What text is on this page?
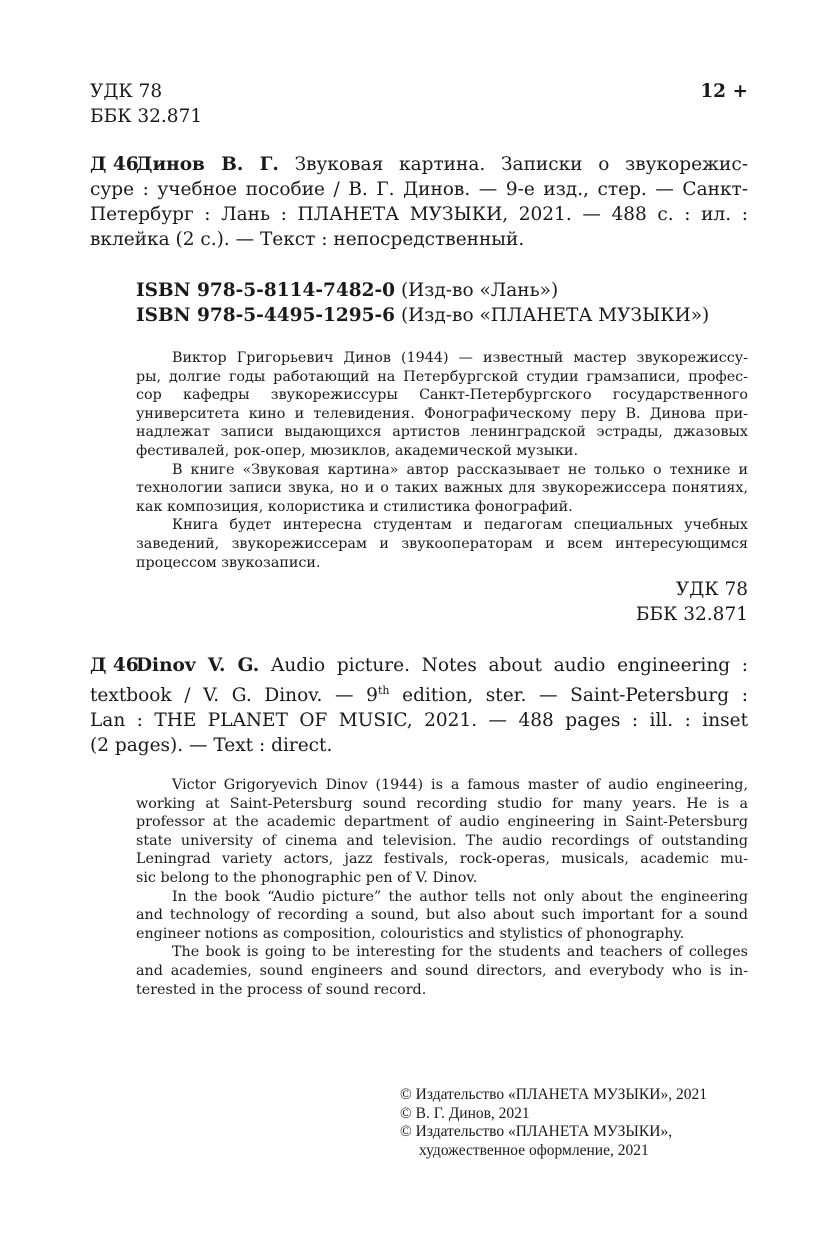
УДК 78
ББК 32.871
12 +
Д 46
Динов В. Г. Звуковая картина. Записки о звукорежис-
суре : учебное пособие / В. Г. Динов. — 9-е изд., стер. — Санкт-
Петербург : Лань : ПЛАНЕТА МУЗЫКИ, 2021. — 488 с. : ил. :
вклейка (2 с.). — Текст : непосредственный.
ISBN 978-5-8114-7482-0 (Изд-во «Лань»)
ISBN 978-5-4495-1295-6 (Изд-во «ПЛАНЕТА МУЗЫКИ»)
Виктор Григорьевич Динов (1944) — известный мастер звукорежиссу-
ры, долгие годы работающий на Петербургской студии грамзаписи, профес-
сор кафедры звукорежиссуры Санкт-Петербургского государственного
университета кино и телевидения. Фонографическому перу В. Динова при-
надлежат записи выдающихся артистов ленинградской эстрады, джазовых
фестивалей, рок-опер, мюзиклов, академической музыки.
В книге «Звуковая картина» автор рассказывает не только о технике и
технологии записи звука, но и о таких важных для звукорежиссера понятиях,
как композиция, колористика и стилистика фонографий.
Книга будет интересна студентам и педагогам специальных учебных
заведений, звукорежиссерам и звукооператорам и всем интересующимся
процессом звукозаписи.
УДК 78
ББК 32.871
Д 46
Dinov V. G. Audio picture. Notes about audio engineering :
textbook / V. G. Dinov. — 9th edition, ster. — Saint-Petersburg :
Lan : THE PLANET OF MUSIC, 2021. — 488 pages : ill. : inset
(2 pages). — Text : direct.
Victor Grigoryevich Dinov (1944) is a famous master of audio engineering,
working at Saint-Petersburg sound recording studio for many years. He is a
professor at the academic department of audio engineering in Saint-Petersburg
state university of cinema and television. The audio recordings of outstanding
Leningrad variety actors, jazz festivals, rock-operas, musicals, academic mu-
sic belong to the phonographic pen of V. Dinov.
In the book “Audio picture” the author tells not only about the engineering
and technology of recording a sound, but also about such important for a sound
engineer notions as composition, colouristics and stylistics of phonography.
The book is going to be interesting for the students and teachers of colleges
and academies, sound engineers and sound directors, and everybody who is in-
terested in the process of sound record.
© Издательство «ПЛАНЕТА МУЗЫКИ», 2021
© В. Г. Динов, 2021
© Издательство «ПЛАНЕТА МУЗЫКИ»,
художественное оформление, 2021
